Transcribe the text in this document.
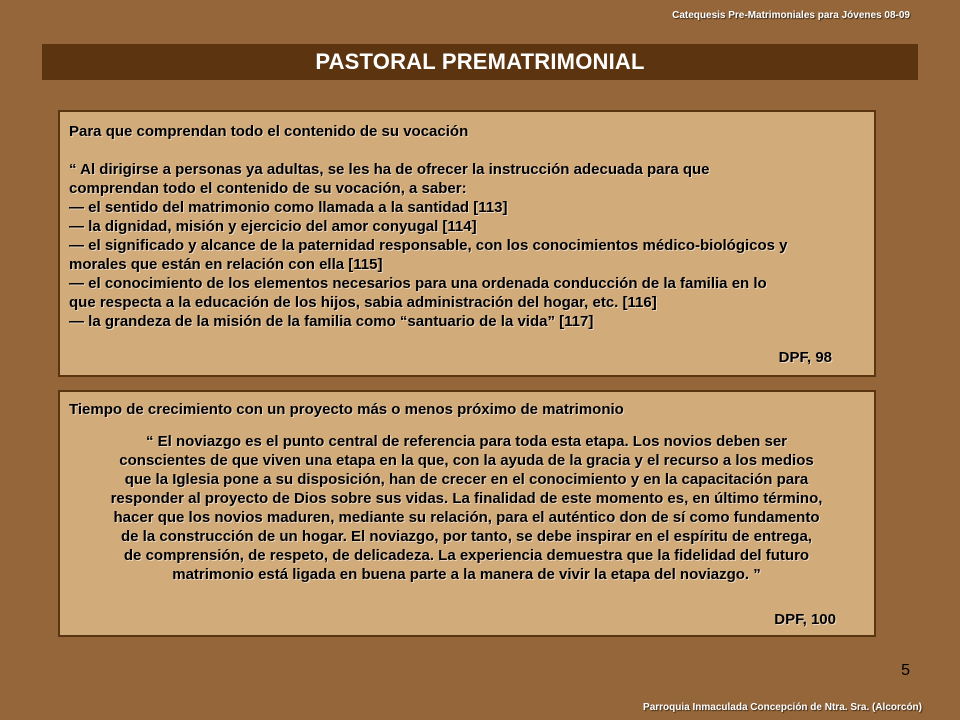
Catequesis Pre-Matrimoniales para Jóvenes 08-09
PASTORAL PREMATRIMONIAL
Para que comprendan todo el contenido de su vocación
“ Al dirigirse a personas ya adultas, se les ha de ofrecer la instrucción adecuada para que
comprendan todo el contenido de su vocación, a saber:
— el sentido del matrimonio como llamada a la santidad [113]
— la dignidad, misión y ejercicio del amor conyugal [114]
— el significado y alcance de la paternidad responsable, con los conocimientos médico-biológicos y
morales que están en relación con ella [115]
— el conocimiento de los elementos necesarios para una ordenada conducción de la familia en lo
que respecta a la educación de los hijos, sabia administración del hogar, etc. [116]
— la grandeza de la misión de la familia como “santuario de la vida” [117]
DPF, 98
Tiempo de crecimiento con un proyecto más o menos próximo de matrimonio
“ El noviazgo es el punto central de referencia para toda esta etapa. Los novios deben ser
conscientes de que viven una etapa en la que, con la ayuda de la gracia y el recurso a los medios
que la Iglesia pone a su disposición, han de crecer en el conocimiento y en la capacitación para
responder al proyecto de Dios sobre sus vidas. La finalidad de este momento es, en último término,
hacer que los novios maduren, mediante su relación, para el auténtico don de sí como fundamento
de la construcción de un hogar. El noviazgo, por tanto, se debe inspirar en el espíritu de entrega,
de comprensión, de respeto, de delicadeza. La experiencia demuestra que la fidelidad del futuro
matrimonio está ligada en buena parte a la manera de vivir la etapa del noviazgo. ”
DPF, 100
5
Parroquia Inmaculada Concepción de Ntra. Sra. (Alcorcón)
